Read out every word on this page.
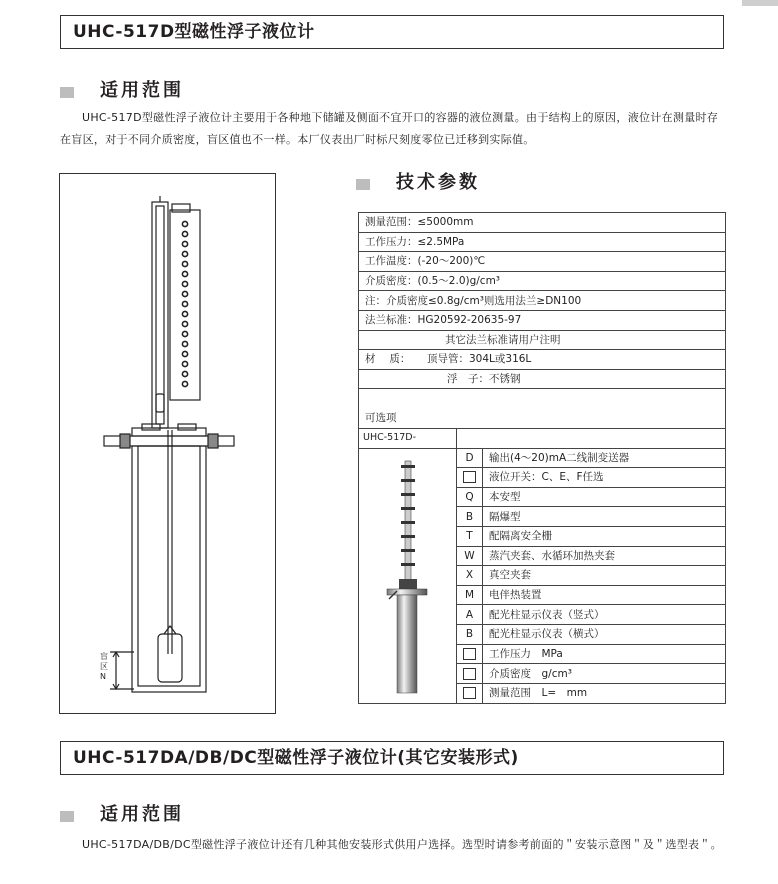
UHC-517D型磁性浮子液位计
适用范围
UHC-517D型磁性浮子液位计主要用于各种地下储罐及侧面不宜开口的容器的液位测量。由于结构上的原因，液位计在测量时存在盲区，对于不同介质密度，盲区值也不一样。本厂仪表出厂时标尺刻度零位已迁移到实际值。
盲区N
技术参数
测量范围：≤5000mm		
工作压力：≤2.5MPa		
工作温度：(-20～200)℃		
介质密度：(0.5～2.0)g/cm³		
注：介质密度≤0.8g/cm³则选用法兰≥DN100		
法兰标准：HG20592-20635-97		
其它法兰标准请用户注明		
材　 质： 顶导管：304L或316L		
浮　子：不锈钢		

可选项		
UHC-517D-		
	D	输出(4～20)mA二线制变送器
		液位开关：C、E、F任选
	Q	本安型
	B	隔爆型
	T	配隔离安全栅
	W	蒸汽夹套、水循环加热夹套
	X	真空夹套
	M	电伴热装置
	A	配光柱显示仪表（竖式）
	B	配光柱显示仪表（横式）
		工作压力　MPa
		介质密度　g/cm³
		测量范围　L=　mm
UHC-517DA/DB/DC型磁性浮子液位计(其它安装形式)
适用范围
UHC-517DA/DB/DC型磁性浮子液位计还有几种其他安装形式供用户选择。选型时请参考前面的＂安装示意图＂及＂选型表＂。
